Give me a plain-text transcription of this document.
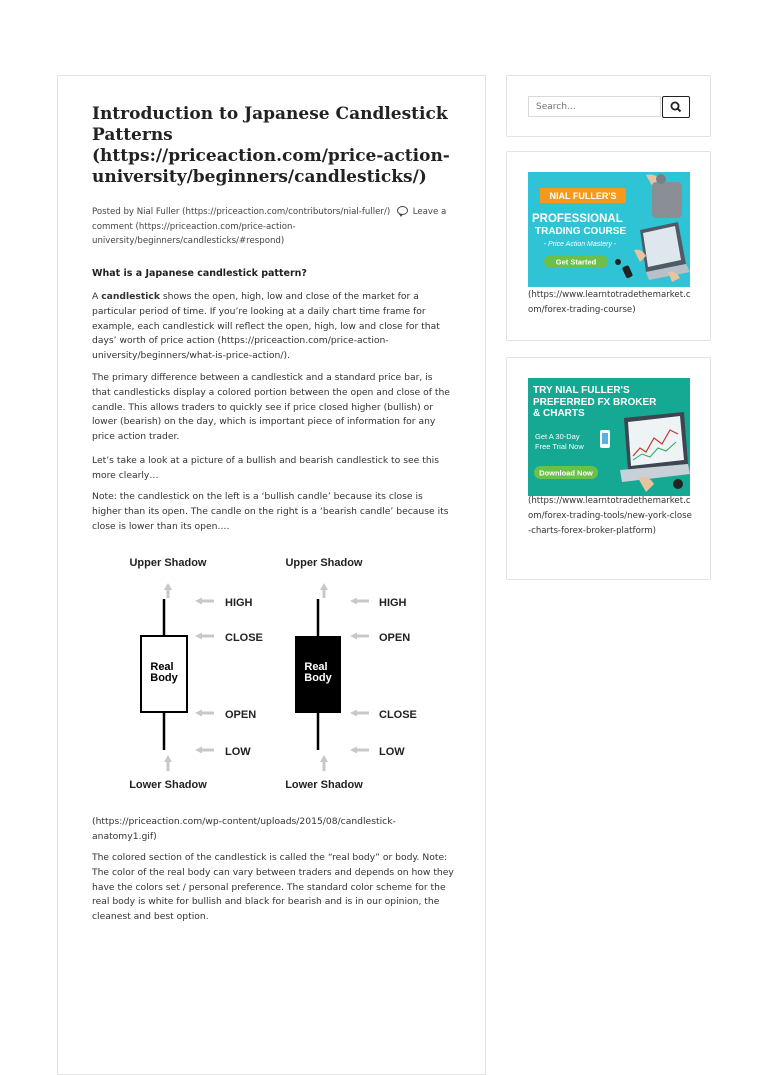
Introduction to Japanese Candlestick Patterns (https://priceaction.com/price-action-university/beginners/candlesticks/)
Posted by Nial Fuller (https://priceaction.com/contributors/nial-fuller/)	Leave a comment (https://priceaction.com/price-action-university/beginners/candlesticks/#respond)
What is a Japanese candlestick pattern?

A candlestick shows the open, high, low and close of the market for a particular period of time. If you’re looking at a daily chart time frame for example, each candlestick will reflect the open, high, low and close for that days’ worth of price action (https://priceaction.com/price-action-university/beginners/what-is-price-action/).

The primary difference between a candlestick and a standard price bar, is that candlesticks display a colored portion between the open and close of the candle. This allows traders to quickly see if price closed higher (bullish) or lower (bearish) on the day, which is important piece of information for any price action trader.

Let’s take a look at a picture of a bullish and bearish candlestick to see this more clearly…

Note: the candlestick on the left is a ‘bullish candle’ because its close is higher than its open. The candle on the right is a ‘bearish candle’ because its close is lower than its open.…

Upper Shadow	Upper Shadow
Lower Shadow	Lower Shadow
Real
Body
Real
Body
HIGH
CLOSE
OPEN
LOW
HIGH
OPEN
CLOSE
LOW

(https://priceaction.com/wp-content/uploads/2015/08/candlestick-anatomy1.gif)

The colored section of the candlestick is called the “real body” or body. Note: The color of the real body can vary between traders and depends on how they have the colors set / personal preference. The standard color scheme for the real body is white for bullish and black for bearish and is in our opinion, the cleanest and best option.

Search…
NIAL FULLER'S
PROFESSIONAL
TRADING COURSE
- Price Action Mastery -
Get Started
(https://www.learntotradethemarket.com/forex-trading-course)
TRY NIAL FULLER'S
PREFERRED FX BROKER
& CHARTS
Get A 30-Day
Free Trial Now
Download Now
(https://www.learntotradethemarket.com/forex-trading-tools/new-york-close-charts-forex-broker-platform)
